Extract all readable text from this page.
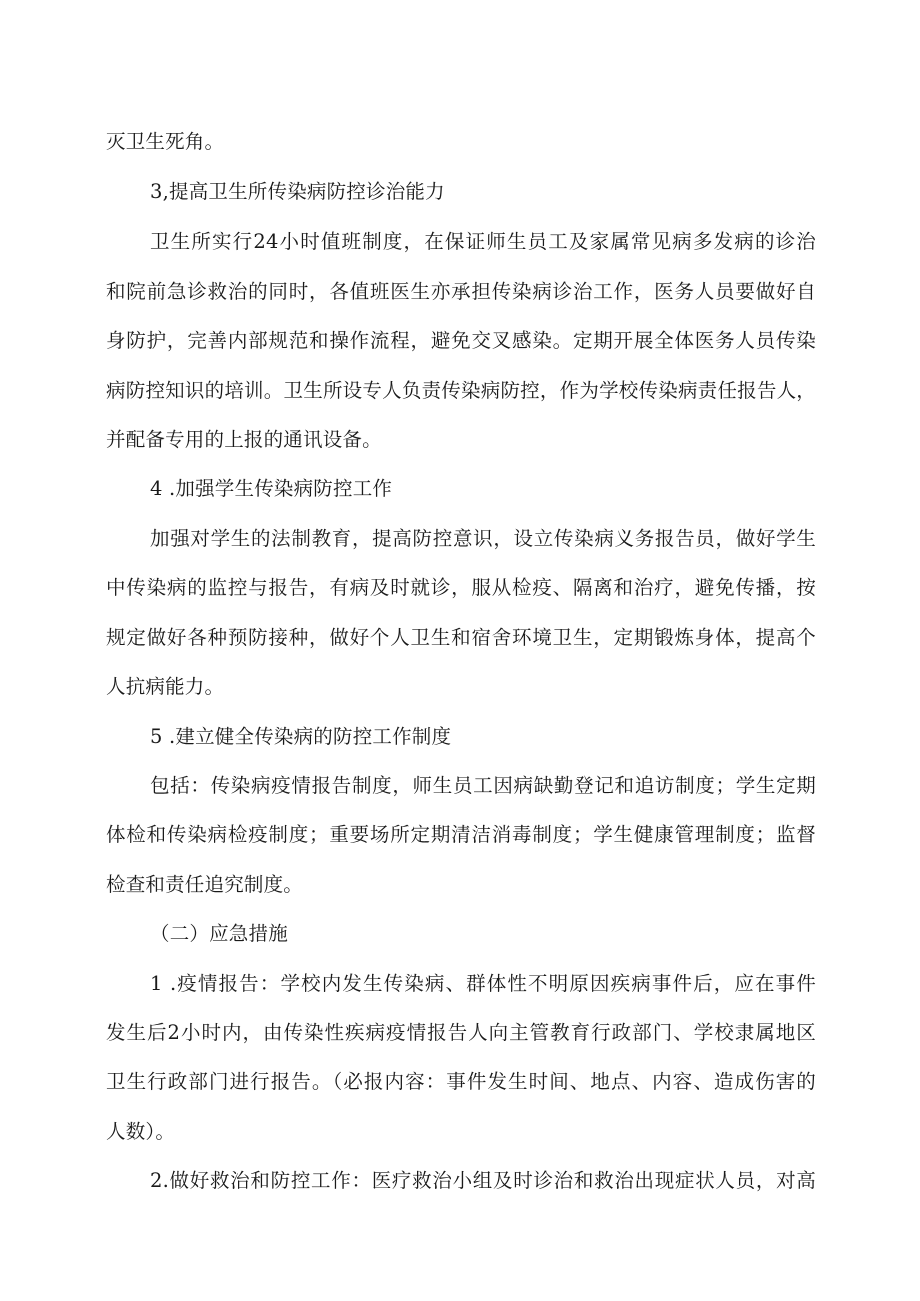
灭卫生死角。
3,提高卫生所传染病防控诊治能力
卫生所实行24小时值班制度，在保证师生员工及家属常见病多发病的诊治
和院前急诊救治的同时，各值班医生亦承担传染病诊治工作，医务人员要做好自
身防护，完善内部规范和操作流程，避免交叉感染。定期开展全体医务人员传染
病防控知识的培训。卫生所设专人负责传染病防控，作为学校传染病责任报告人，
并配备专用的上报的通讯设备。
4 .加强学生传染病防控工作
加强对学生的法制教育，提高防控意识，设立传染病义务报告员，做好学生
中传染病的监控与报告，有病及时就诊，服从检疫、隔离和治疗，避免传播，按
规定做好各种预防接种，做好个人卫生和宿舍环境卫生，定期锻炼身体，提高个
人抗病能力。
5 .建立健全传染病的防控工作制度
包括：传染病疫情报告制度，师生员工因病缺勤登记和追访制度；学生定期
体检和传染病检疫制度；重要场所定期清洁消毒制度；学生健康管理制度；监督
检查和责任追究制度。
（二）应急措施
1 .疫情报告：学校内发生传染病、群体性不明原因疾病事件后，应在事件
发生后2小时内，由传染性疾病疫情报告人向主管教育行政部门、学校隶属地区
卫生行政部门进行报告。（必报内容：事件发生时间、地点、内容、造成伤害的
人数）。
2.做好救治和防控工作：医疗救治小组及时诊治和救治出现症状人员，对高
